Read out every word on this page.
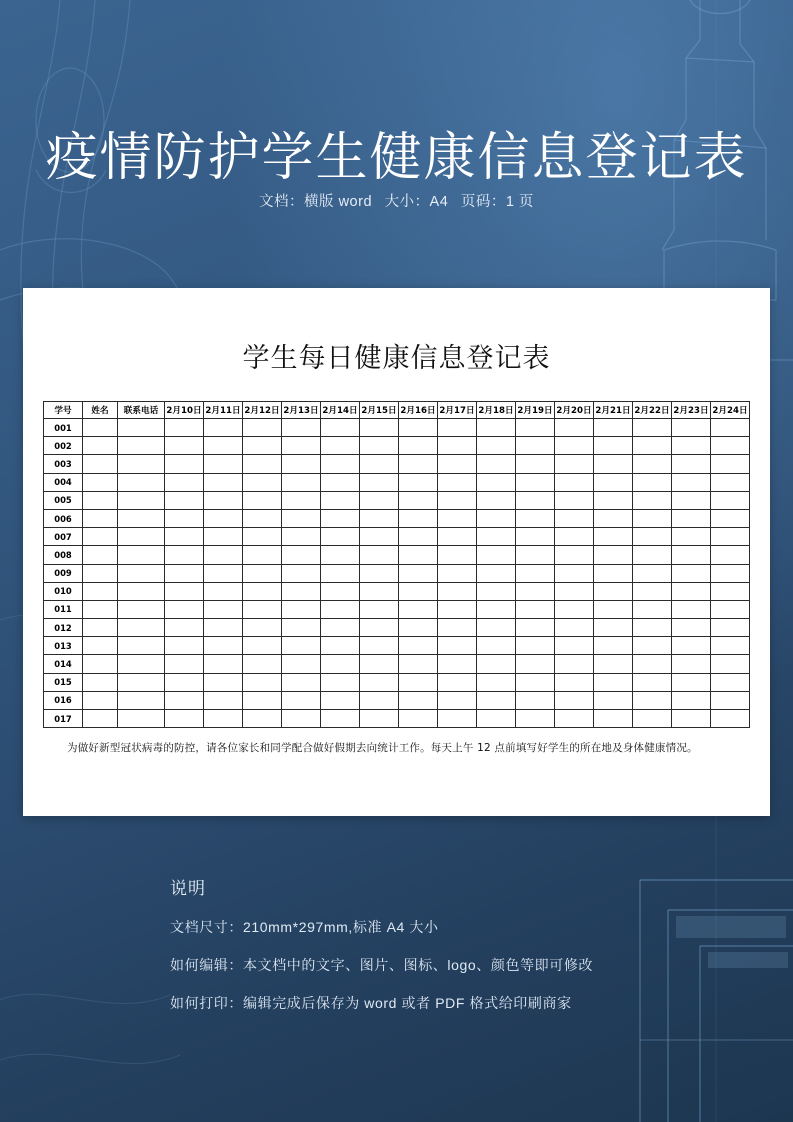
疫情防护学生健康信息登记表
文档：横版 word 大小：A4 页码：1 页
学生每日健康信息登记表
学号	姓名	联系电话	2月10日	2月11日	2月12日	2月13日	2月14日	2月15日	2月16日	2月17日	2月18日	2月19日	2月20日	2月21日	2月22日	2月23日	2月24日
001																	
002																	
003																	
004																	
005																	
006																	
007																	
008																	
009																	
010																	
011																	
012																	
013																	
014																	
015																	
016																	
017																	
为做好新型冠状病毒的防控，请各位家长和同学配合做好假期去向统计工作。每天上午 12 点前填写好学生的所在地及身体健康情况。
说明

文档尺寸：210mm*297mm,标准 A4 大小

如何编辑：本文档中的文字、图片、图标、logo、颜色等即可修改

如何打印：编辑完成后保存为 word 或者 PDF 格式给印刷商家
